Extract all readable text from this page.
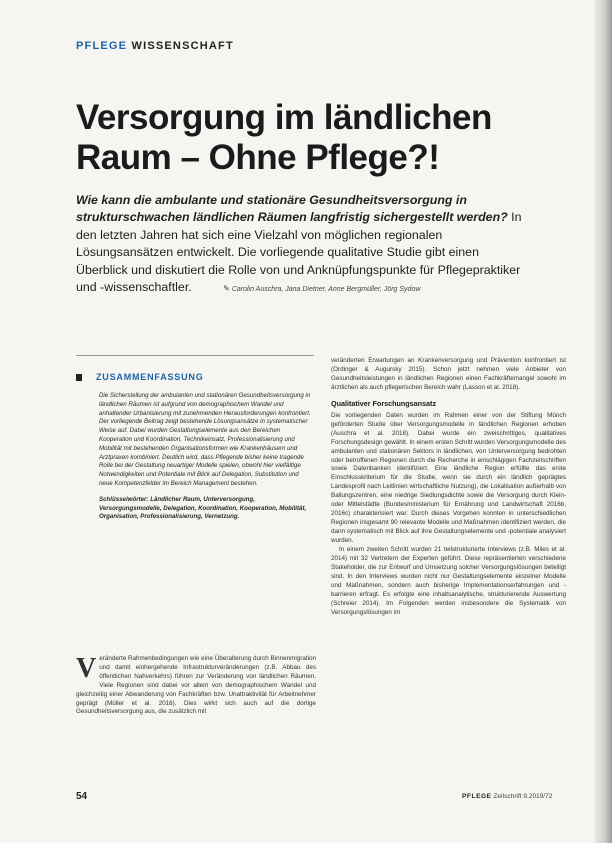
PFLEGE WISSENSCHAFT
Versorgung im ländlichen
Raum – Ohne Pflege?!
Wie kann die ambulante und stationäre Gesundheitsversorgung in strukturschwachen ländlichen Räumen langfristig sichergestellt werden? In den letzten Jahren hat sich eine Vielzahl von möglichen regionalen Lösungsansätzen entwickelt. Die vorliegende qualitative Studie gibt einen Überblick und diskutiert die Rolle von und Anknüpfungspunkte für Pflegepraktiker und -wissenschaftler.	✎ Carolin Auschra, Jana Dietner, Anne Bergmüller, Jörg Sydow
ZUSAMMENFASSUNG

Die Sicherstellung der ambulanten und stationären Gesundheitsversorgung in ländlichen Räumen ist aufgrund von demographischem Wandel und anhaltender Urbanisierung mit zunehmenden Herausforderungen konfrontiert. Der vorliegende Beitrag zeigt bestehende Lösungsansätze in systematischer Weise auf. Dabei wurden Gestaltungselemente aus den Bereichen Kooperation und Koordination, Technikeinsatz, Professionalisierung und Mobilität mit bestehenden Organisationsformen wie Krankenhäusern und Arztpraxen kombiniert. Deutlich wird, dass Pflegende bisher keine tragende Rolle bei der Gestaltung neuartiger Modelle spielen, obwohl hier vielfältige Notwendigkeiten und Potentiale mit Blick auf Delegation, Substitution und neue Kompetenzfelder im Bereich Management bestehen.

Schlüsselwörter: Ländlicher Raum, Unterversorgung, Versorgungsmodelle, Delegation, Koordination, Kooperation, Mobilität, Organisation, Professionalisierung, Vernetzung.

Veränderte Rahmenbedingungen wie eine Überalterung durch Binnenmigration und damit einhergehende Infrastrukturveränderungen (z.B. Abbau des öffentlichen Nahverkehrs) führen zur Veränderung von ländlichen Räumen. Viele Regionen sind dabei vor allem von demographischem Wandel und gleichzeitig einer Abwanderung von Fachkräften bzw. Unattraktivität für Arbeitnehmer geprägt (Müller et al. 2016). Dies wirkt sich auch auf die dortige Gesundheitsversorgung aus, die zusätzlich mit

veränderten Erwartungen an Krankenversorgung und Prävention konfrontiert ist (Ordinger & Augursky 2015). Schon jetzt nehmen viele Anbieter von Gesundheitsleistungen in ländlichen Regionen einen Fachkräftemangel sowohl im ärztlichen als auch pflegerischen Bereich wahr (Lasson et al. 2018).

Qualitativer Forschungsansatz

Die vorliegenden Daten wurden im Rahmen einer von der Stiftung Münch geförderten Studie über Versorgungsmodelle in ländlichen Regionen erhoben (Auschra et al. 2018). Dabei wurde ein zweischrittiges, qualitatives Forschungsdesign gewählt. In einem ersten Schritt wurden Versorgungsmodelle des ambulanten und stationären Sektors in ländlichen, von Unterversorgung bedrohten oder betroffenen Regionen durch die Recherche in einschlägigen Fachzeitschriften sowie Datenbanken identifiziert. Eine ländliche Region erfüllte das erste Einschlusskriterium für die Studie, wenn sie durch ein ländlich geprägtes Landesprofil nach Leitlinien wirtschaftliche Nutzung), die Lokalisation außerhalb von Ballungszentren, eine niedrige Siedlungsdichte sowie die Versorgung durch Klein- oder Mittelstädte (Bundesministerium für Ernährung und Landwirtschaft 2016b, 2016c) charakterisiert war. Durch dieses Vorgehen konnten in unterschiedlichen Regionen insgesamt 90 relevante Modelle und Maßnahmen identifiziert werden, die dann systematisch mit Blick auf ihre Gestaltungselemente und -potentiale analysiert wurden.

In einem zweiten Schritt wurden 21 teilstrukturierte Interviews (z.B. Miles et al. 2014) mit 32 Vertretern der Experten geführt. Diese repräsentierten verschiedene Stakeholder, die zur Entwurf und Umsetzung solcher Versorgungslösungen beteiligt sind. In den Interviews wurden nicht nur Gestaltungselemente einzelner Modelle und Maßnahmen, sondern auch bisherige Implementationserfahrungen und -barrieren erfragt. Es erfolgte eine inhaltsanalytische, strukturierende Auswertung (Schreier 2014). Im Folgenden werden insbesondere die Systematik von Versorgungslösungen im

54	PFLEGE Zeitschrift 9.2019/72
